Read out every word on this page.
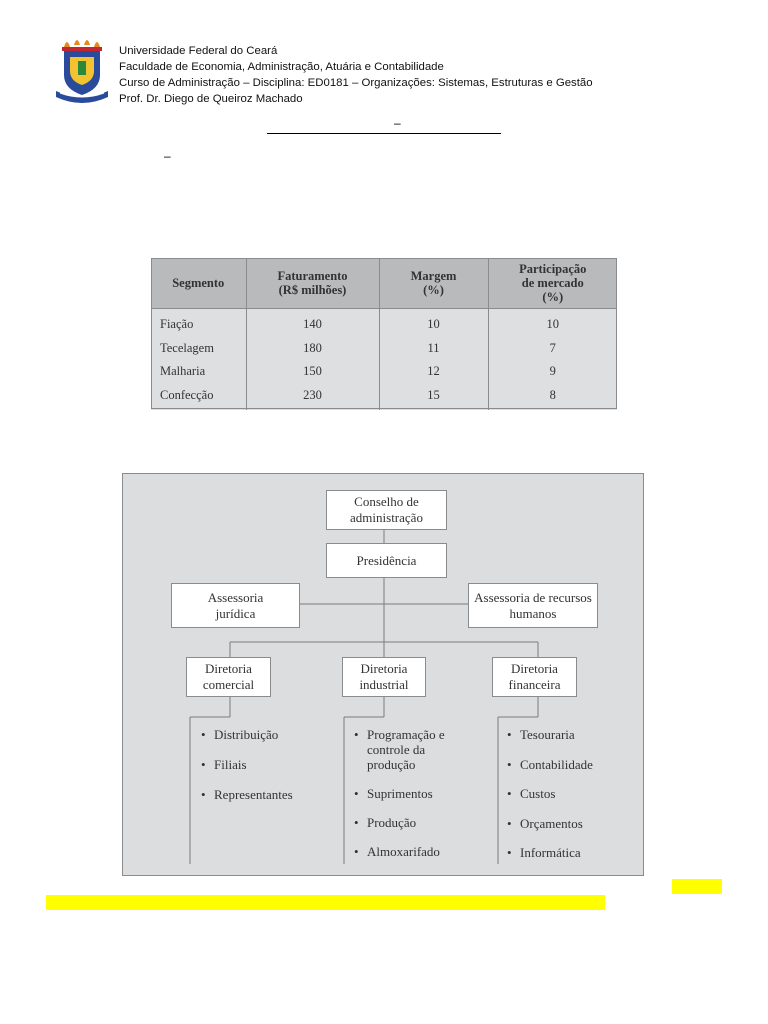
Universidade Federal do Ceará
Faculdade de Economia, Administração, Atuária e Contabilidade
Curso de Administração – Disciplina: ED0181 – Organizações: Sistemas, Estruturas e Gestão
Prof. Dr. Diego de Queiroz Machado
–
–
Segmento	Faturamento (R$ milhões)	Margem (%)	Participação de mercado (%)
Fiação	140	10	10
Tecelagem	180	11	7
Malharia	150	12	9
Confecção	230	15	8
Conselho de administração
Presidência
Assessoria jurídica
Assessoria de recursos humanos
Diretoria comercial
Diretoria industrial
Diretoria financeira
• Distribuição
• Filiais
• Representantes
• Programação e controle da produção
• Suprimentos
• Produção
• Almoxarifado
• Tesouraria
• Contabilidade
• Custos
• Orçamentos
• Informática
